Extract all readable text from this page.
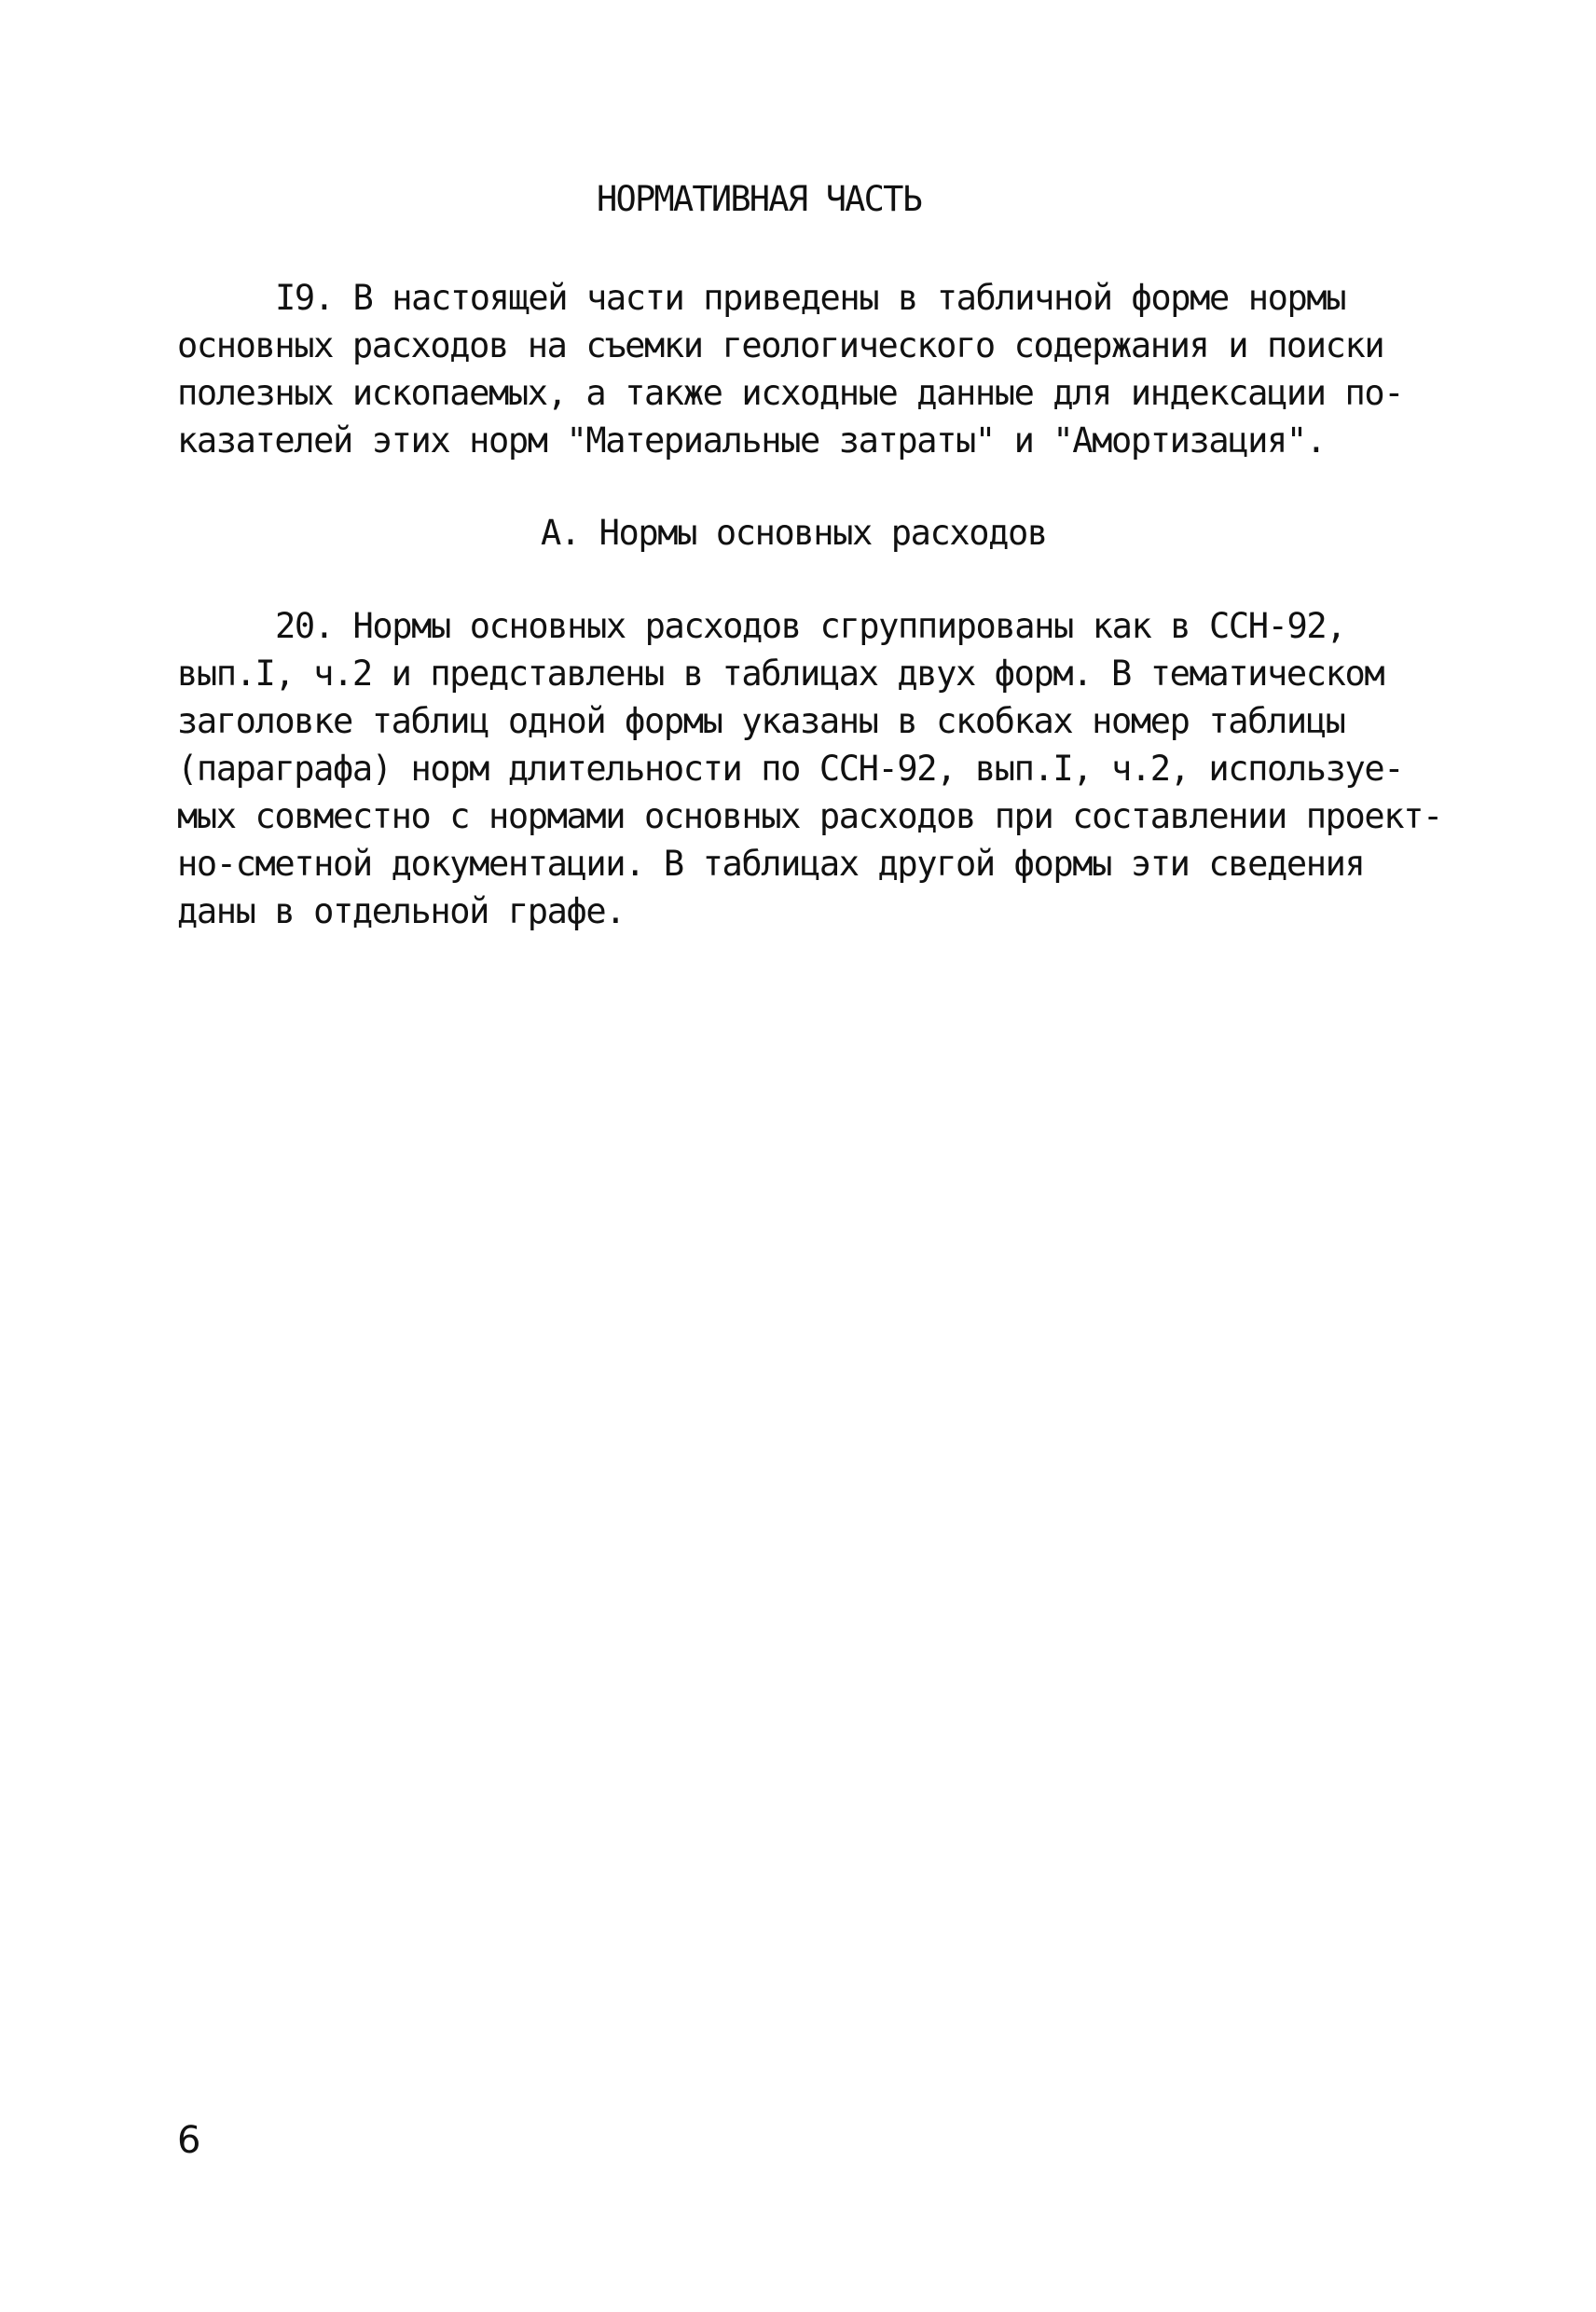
НОРМАТИВНАЯ ЧАСТЬ
I9. В настоящей части приведены в табличной форме нормы
основных расходов на съемки геологического содержания и поиски
полезных ископаемых, а также исходные данные для индексации по-
казателей этих норм "Материальные затраты" и "Амортизация".
А. Нормы основных расходов
20. Нормы основных расходов сгруппированы как в ССН-92,
вып.I, ч.2 и представлены в таблицах двух форм. В тематическом
заголовке таблиц одной формы указаны в скобках номер таблицы
(параграфа) норм длительности по ССН-92, вып.I, ч.2, используе-
мых совместно с нормами основных расходов при составлении проект-
но-сметной документации. В таблицах другой формы эти сведения
даны в отдельной графе.
6
